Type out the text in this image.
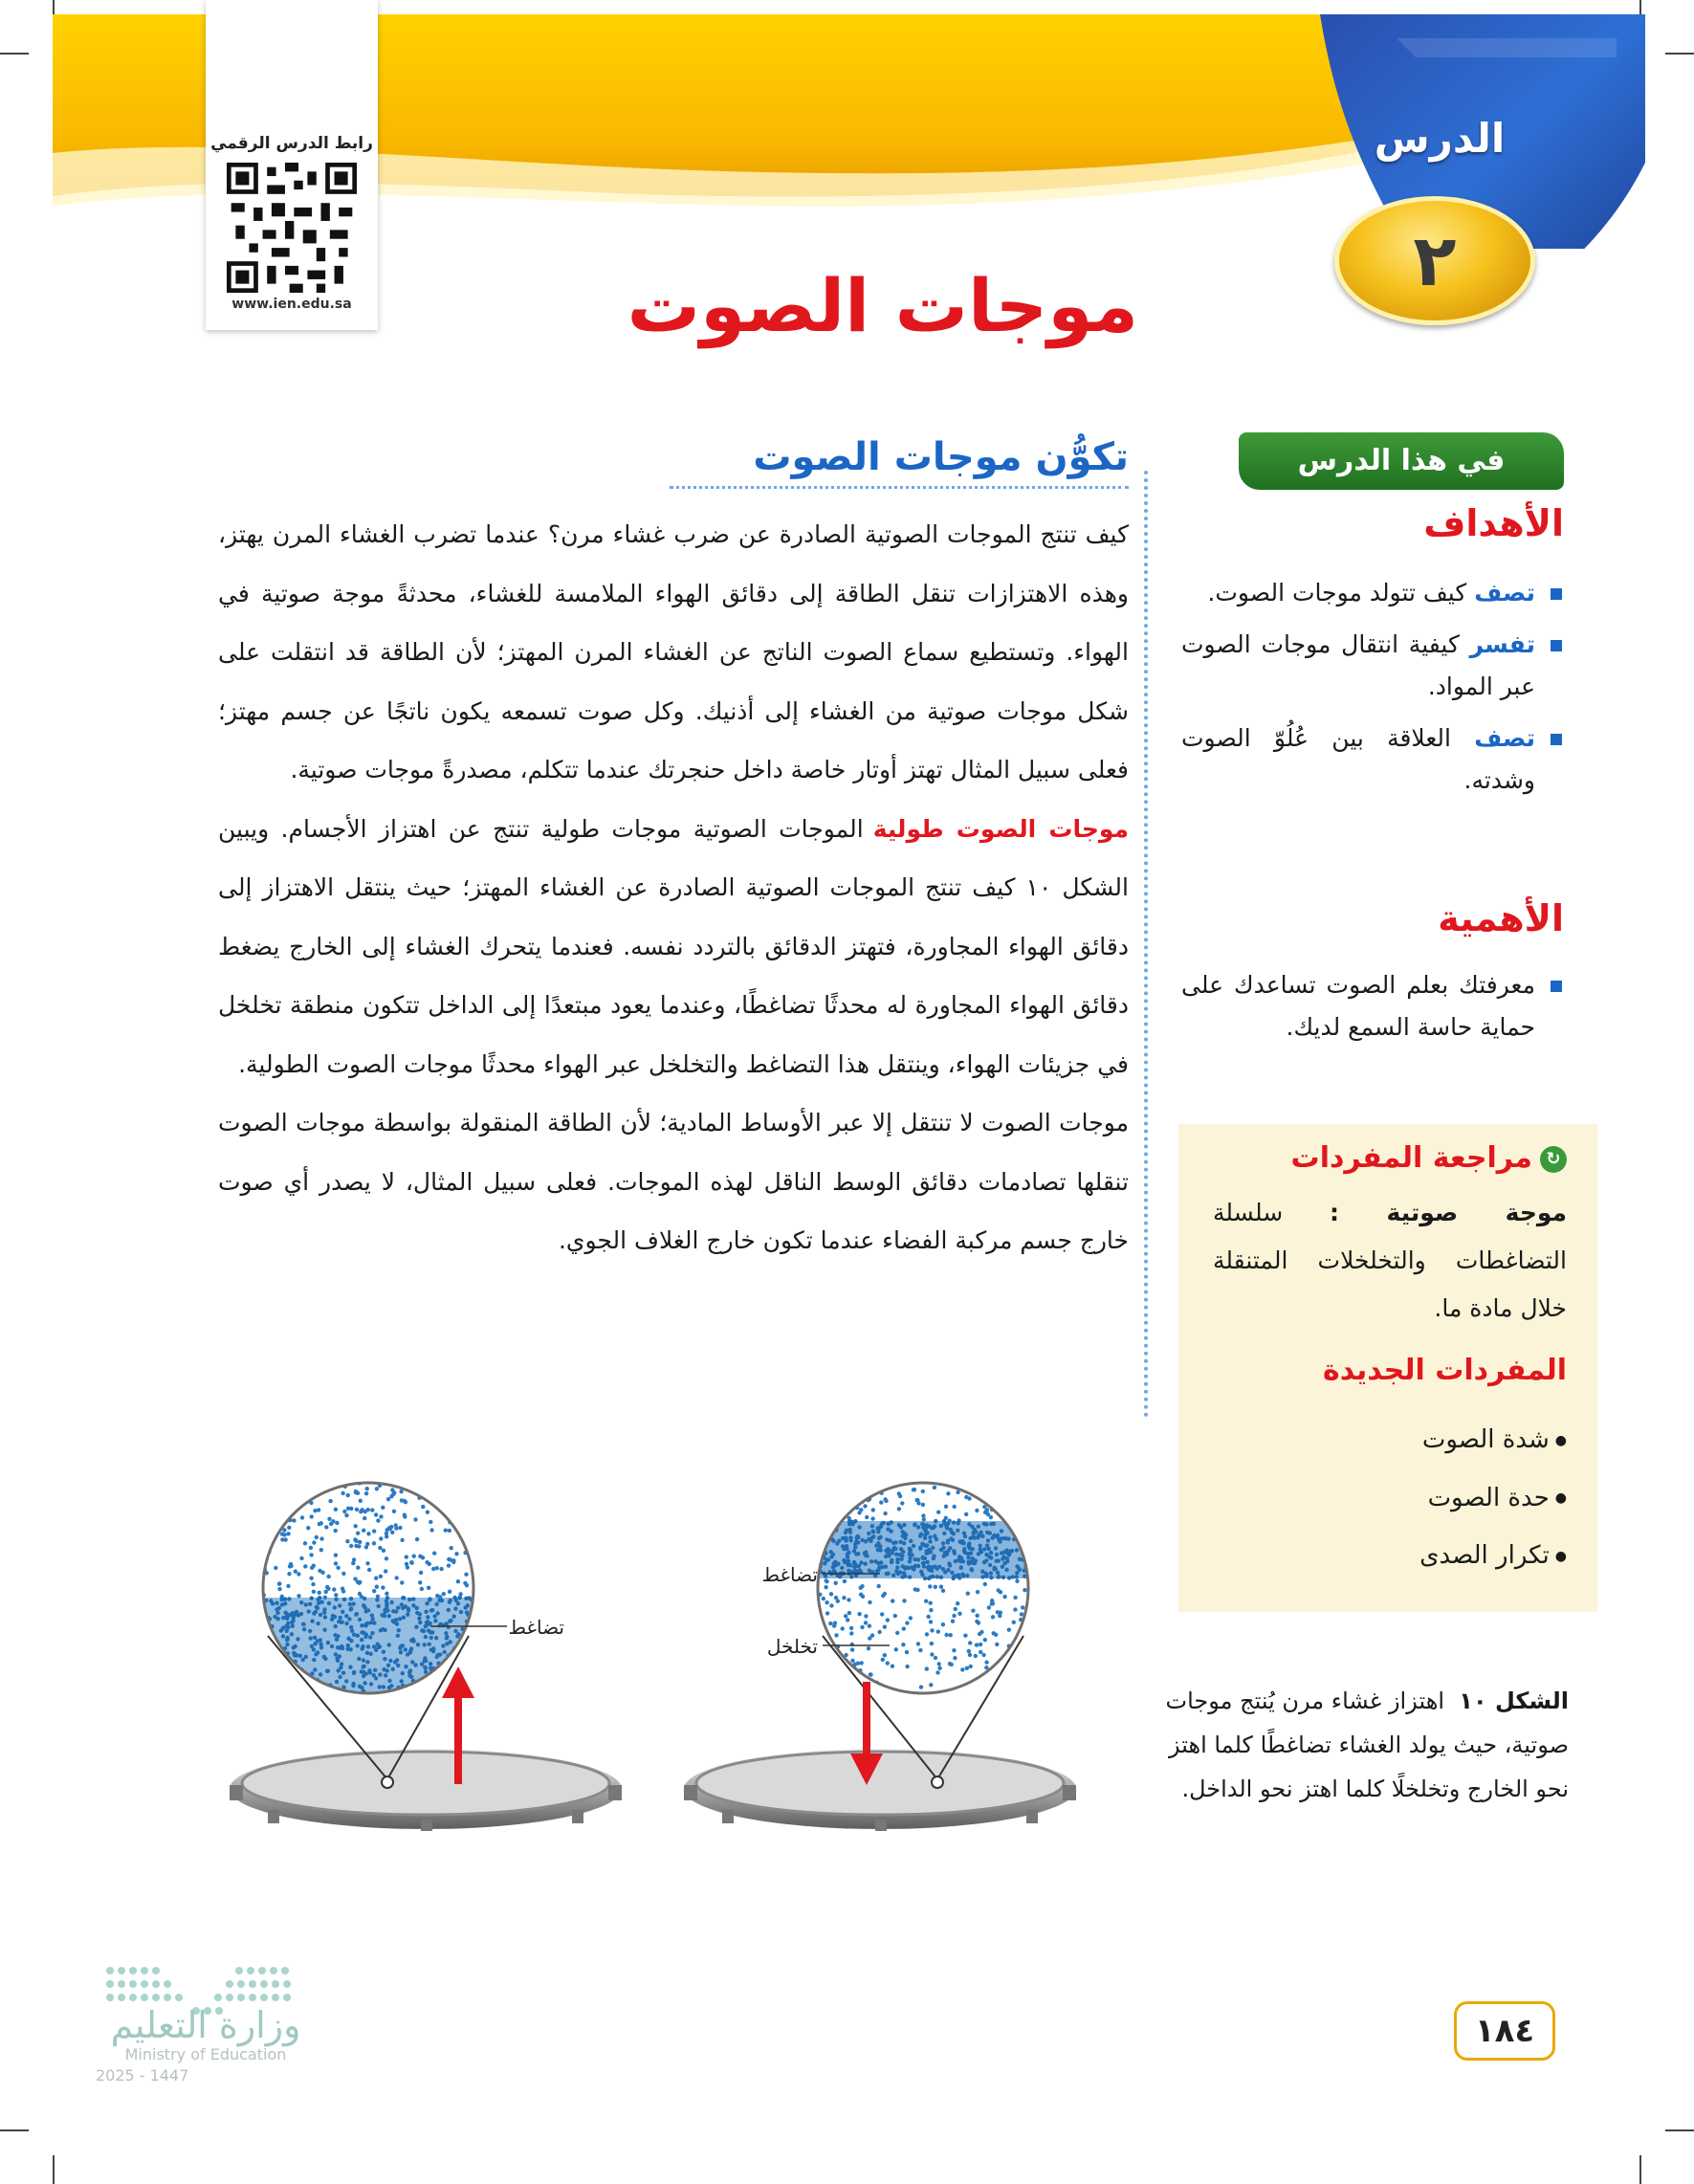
رابط الدرس الرقمي
www.ien.edu.sa
الدرس
٢
موجات الصوت
في هذا الدرس
الأهداف
تصف كيف تتولد موجات الصوت.
تفسر كيفية انتقال موجات الصوت عبر المواد.
تصف العلاقة بين عُلُوّ الصوت وشدته.
الأهمية
معرفتك بعلم الصوت تساعدك على حماية حاسة السمع لديك.
↻مراجعة المفردات
موجة صوتية : سلسلة التضاغطات والتخلخلات المتنقلة خلال مادة ما.
المفردات الجديدة
● شدة الصوت
● حدة الصوت
● تكرار الصدى
الشكل ١٠  اهتزاز غشاء مرن يُنتج موجات صوتية، حيث يولد الغشاء تضاغطًا كلما اهتز نحو الخارج وتخلخلًا كلما اهتز نحو الداخل.
تكوُّن موجات الصوت

كيف تنتج الموجات الصوتية الصادرة عن ضرب غشاء مرن؟ عندما تضرب الغشاء المرن يهتز، وهذه الاهتزازات تنقل الطاقة إلى دقائق الهواء الملامسة للغشاء، محدثةً موجة صوتية في الهواء. وتستطيع سماع الصوت الناتج عن الغشاء المرن المهتز؛ لأن الطاقة قد انتقلت على شكل موجات صوتية من الغشاء إلى أذنيك. وكل صوت تسمعه يكون ناتجًا عن جسم مهتز؛ فعلى سبيل المثال تهتز أوتار خاصة داخل حنجرتك عندما تتكلم، مصدرةً موجات صوتية.

موجات الصوت طوليةالموجات الصوتية موجات طولية تنتج عن اهتزاز الأجسام. ويبين الشكل ١٠ كيف تنتج الموجات الصوتية الصادرة عن الغشاء المهتز؛ حيث ينتقل الاهتزاز إلى دقائق الهواء المجاورة، فتهتز الدقائق بالتردد نفسه. فعندما يتحرك الغشاء إلى الخارج يضغط دقائق الهواء المجاورة له محدثًا تضاغطًا، وعندما يعود مبتعدًا إلى الداخل تتكون منطقة تخلخل في جزيئات الهواء، وينتقل هذا التضاغط والتخلخل عبر الهواء محدثًا موجات الصوت الطولية.

موجات الصوت لا تنتقل إلا عبر الأوساط المادية؛ لأن الطاقة المنقولة بواسطة موجات الصوت تنقلها تصادمات دقائق الوسط الناقل لهذه الموجات. فعلى سبيل المثال، لا يصدر أي صوت خارج جسم مركبة الفضاء عندما تكون خارج الغلاف الجوي.

تضاغط
تضاغط
تخلخل
وزارة التعليم
Ministry of Education
2025 - 1447
١٨٤
